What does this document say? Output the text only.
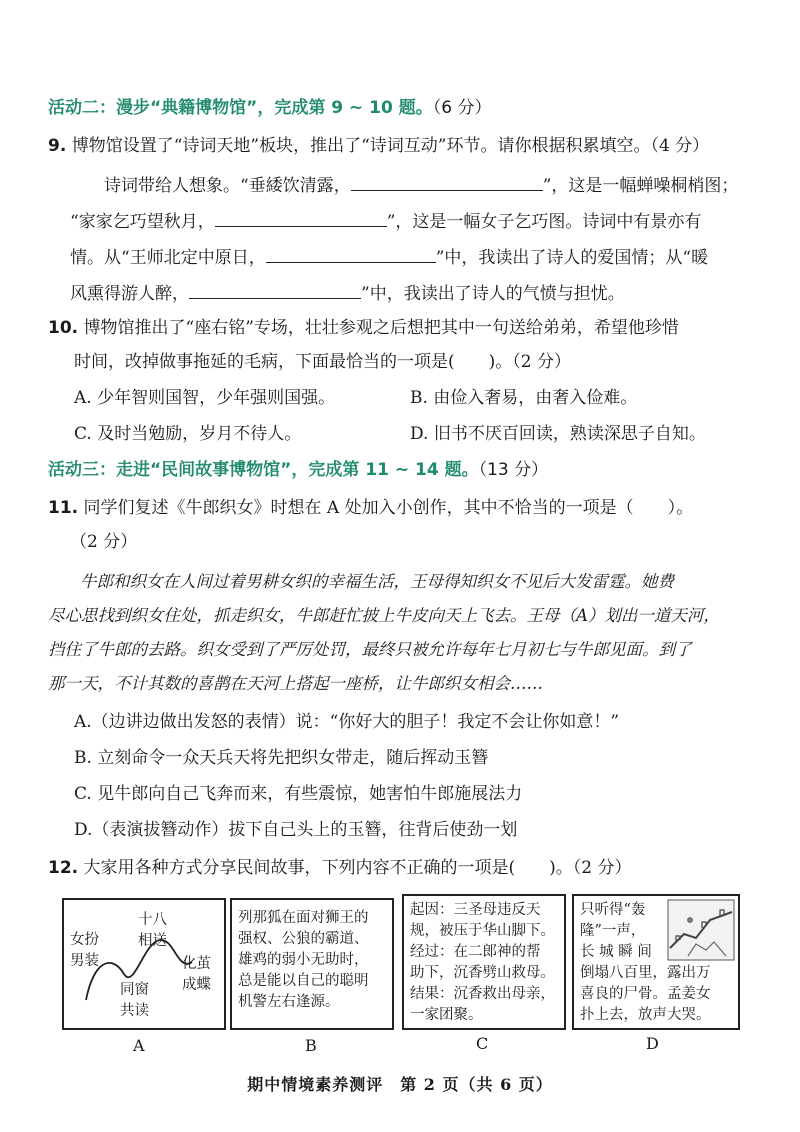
活动二：漫步“典籍博物馆”，完成第 9 ~ 10 题。（6 分）
9. 博物馆设置了“诗词天地”板块，推出了“诗词互动”环节。请你根据积累填空。（4 分）
诗词带给人想象。“垂緌饮清露，	”，这是一幅蝉噪桐梢图；
“家家乞巧望秋月，	”，这是一幅女子乞巧图。诗词中有景亦有
情。从“王师北定中原日，	”中，我读出了诗人的爱国情；从“暖
风熏得游人醉，	”中，我读出了诗人的气愤与担忧。
10. 博物馆推出了“座右铭”专场，壮壮参观之后想把其中一句送给弟弟，希望他珍惜
时间，改掉做事拖延的毛病，下面最恰当的一项是(　　)。（2 分）
A. 少年智则国智，少年强则国强。	B. 由俭入奢易，由奢入俭难。
C. 及时当勉励，岁月不待人。	D. 旧书不厌百回读，熟读深思子自知。
活动三：走进“民间故事博物馆”，完成第 11 ~ 14 题。（13 分）
11. 同学们复述《牛郎织女》时想在 A 处加入小创作，其中不恰当的一项是（　　）。
（2 分）
牛郎和织女在人间过着男耕女织的幸福生活，王母得知织女不见后大发雷霆。她费
尽心思找到织女住处，抓走织女，牛郎赶忙披上牛皮向天上飞去。王母（A）划出一道天河，
挡住了牛郎的去路。织女受到了严厉处罚，最终只被允许每年七月初七与牛郎见面。到了
那一天，不计其数的喜鹊在天河上搭起一座桥，让牛郎织女相会……
A.（边讲边做出发怒的表情）说：“你好大的胆子！我定不会让你如意！”
B. 立刻命令一众天兵天将先把织女带走，随后挥动玉簪
C. 见牛郎向自己飞奔而来，有些震惊，她害怕牛郎施展法力
D.（表演拔簪动作）拔下自己头上的玉簪，往背后使劲一划
12. 大家用各种方式分享民间故事，下列内容不正确的一项是(　　)。（2 分）
十八
相送
女扮
男装	化茧
成蝶
同窗
共读
A
列那狐在面对狮王的
强权、公狼的霸道、
雄鸡的弱小无助时，
总是能以自己的聪明
机警左右逢源。
B
起因：三圣母违反天
规，被压于华山脚下。
经过：在二郎神的帮
助下，沉香劈山救母。
结果：沉香救出母亲，
一家团聚。
C
只听得“轰
隆”一声，
长 城 瞬 间
倒塌八百里，露出万
喜良的尸骨。孟姜女
扑上去，放声大哭。
D
期中情境素养测评　第 2 页（共 6 页）
